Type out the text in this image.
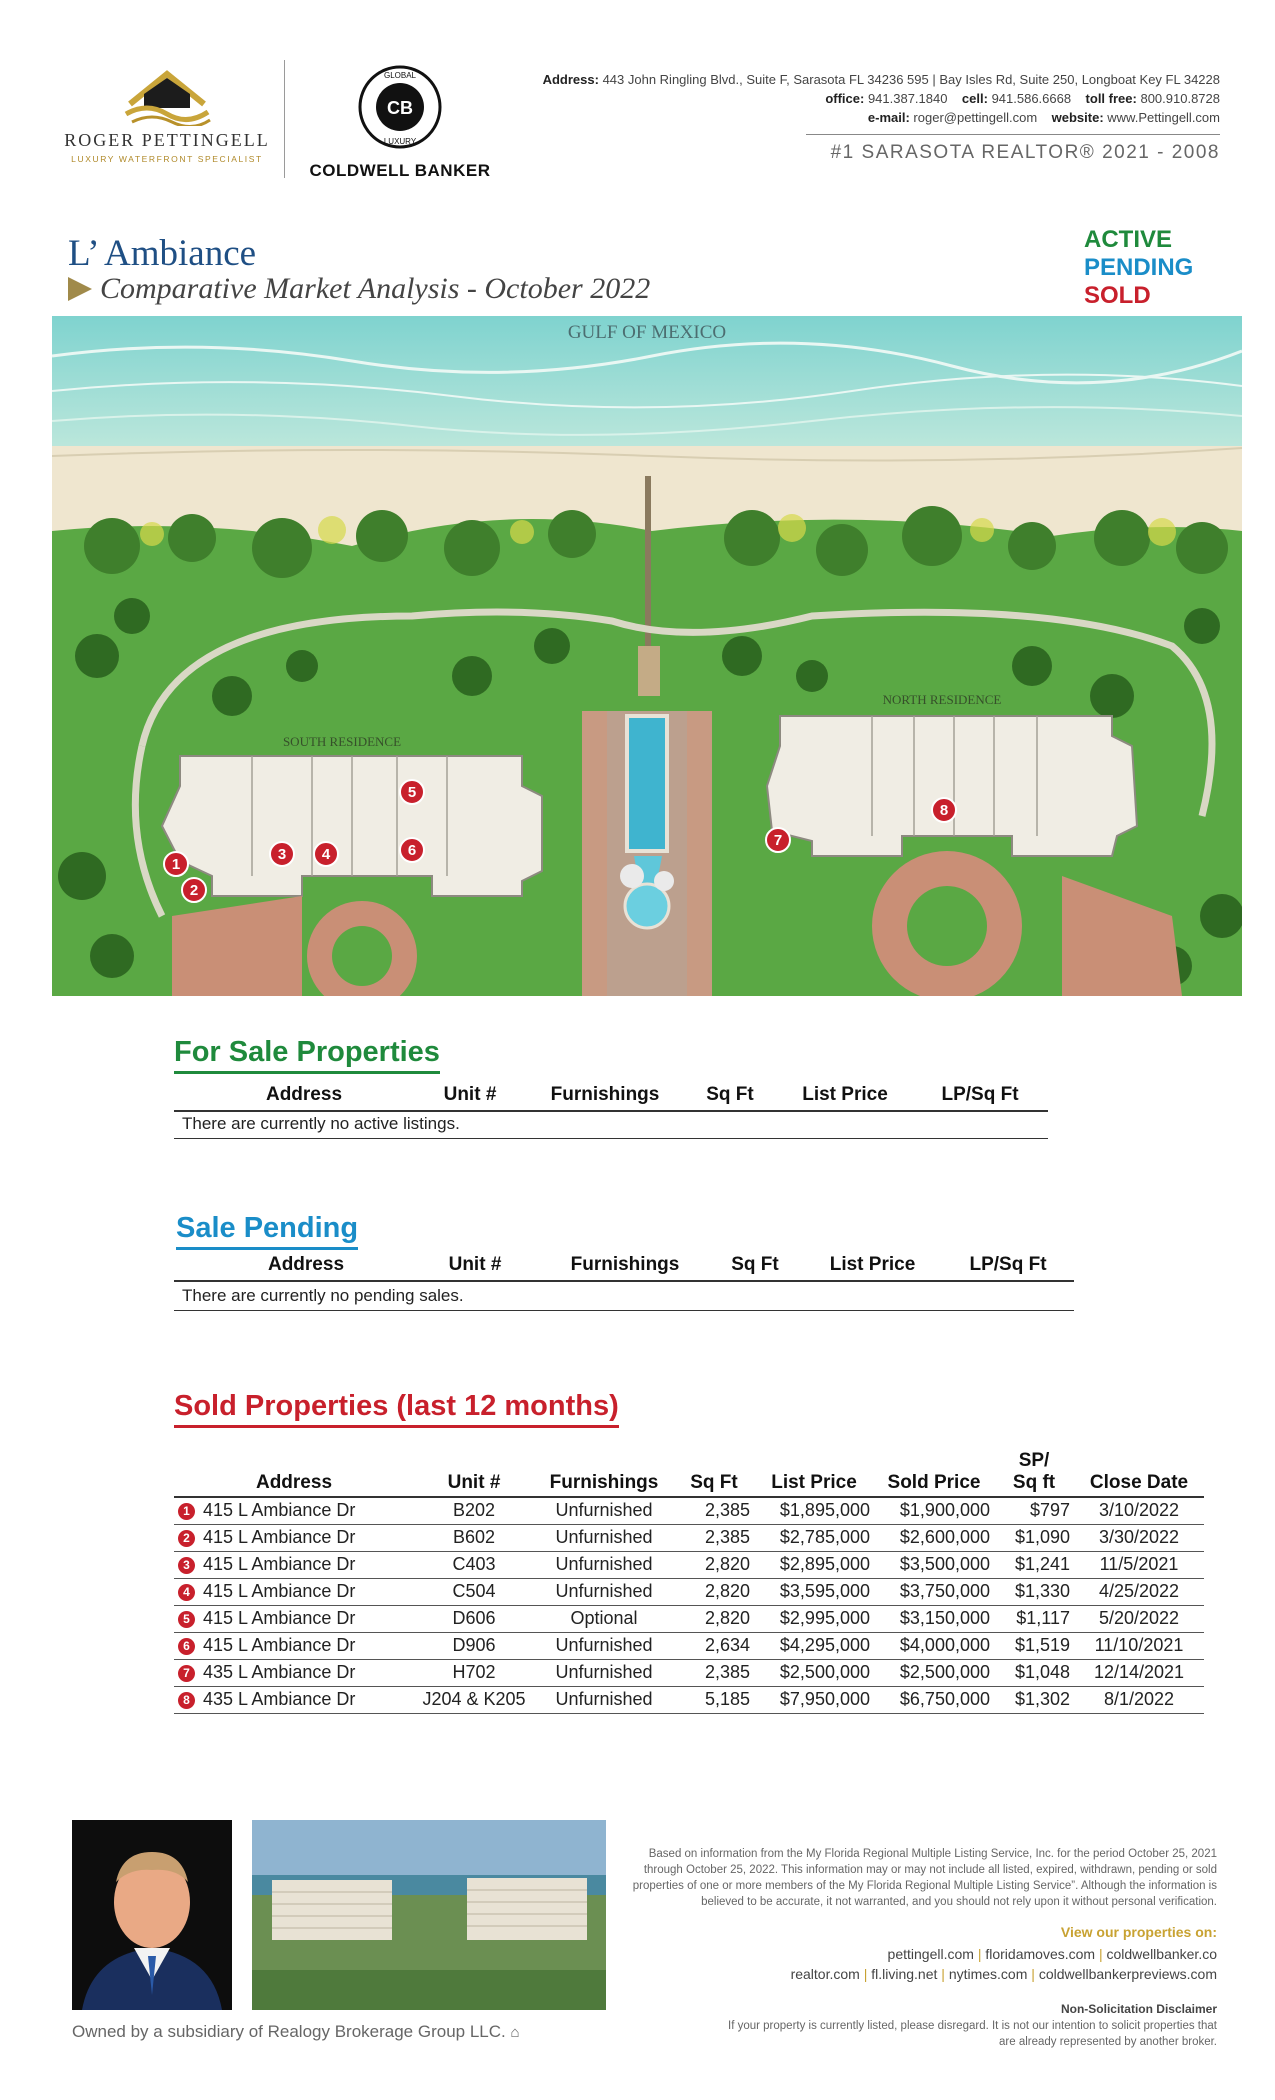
ROGER PETTINGELL
LUXURY WATERFRONT SPECIALIST
GLOBAL
LUXURY
CB
COLDWELL BANKER
Address: 443 John Ringling Blvd., Suite F, Sarasota FL 34236 595 | Bay Isles Rd, Suite 250, Longboat Key FL 34228
office: 941.387.1840 cell: 941.586.6668 toll free: 800.910.8728
e-mail: roger@pettingell.com website: www.Pettingell.com
#1 SARASOTA REALTOR® 2021 - 2008
L’ Ambiance
Comparative Market Analysis - October 2022
ACTIVE
PENDING
SOLD
GULF OF MEXICO
SOUTH RESIDENCE
NORTH RESIDENCE
1
2
3 4
5
6
7
8
For Sale Properties
Address	Unit #	Furnishings	Sq Ft	List Price	LP/Sq Ft
There are currently no active listings.
Sale Pending
Address	Unit #	Furnishings	Sq Ft	List Price	LP/Sq Ft
There are currently no pending sales.
Sold Properties (last 12 months)
Address	Unit #	Furnishings	Sq Ft	List Price	Sold Price	SP/
Sq ft	Close Date
1 415 L Ambiance Dr	B202	Unfurnished	2,385	$1,895,000	$1,900,000	$797	3/10/2022
2 415 L Ambiance Dr	B602	Unfurnished	2,385	$2,785,000	$2,600,000	$1,090	3/30/2022
3 415 L Ambiance Dr	C403	Unfurnished	2,820	$2,895,000	$3,500,000	$1,241	11/5/2021
4 415 L Ambiance Dr	C504	Unfurnished	2,820	$3,595,000	$3,750,000	$1,330	4/25/2022
5 415 L Ambiance Dr	D606	Optional	2,820	$2,995,000	$3,150,000	$1,117	5/20/2022
6 415 L Ambiance Dr	D906	Unfurnished	2,634	$4,295,000	$4,000,000	$1,519	11/10/2021
7 435 L Ambiance Dr	H702	Unfurnished	2,385	$2,500,000	$2,500,000	$1,048	12/14/2021
8 435 L Ambiance Dr	J204 & K205	Unfurnished	5,185	$7,950,000	$6,750,000	$1,302	8/1/2022
Owned by a subsidiary of Realogy Brokerage Group LLC. ⌂
Based on information from the My Florida Regional Multiple Listing Service, Inc. for the period October 25, 2021 through October 25, 2022. This information may or may not include all listed, expired, withdrawn, pending or sold properties of one or more members of the My Florida Regional Multiple Listing Service”. Although the information is believed to be accurate, it not warranted, and you should not rely upon it without personal verification.
View our properties on:
pettingell.com | floridamoves.com | coldwellbanker.co
realtor.com | fl.living.net | nytimes.com | coldwellbankerpreviews.com
Non-Solicitation Disclaimer
If your property is currently listed, please disregard. It is not our intention to solicit properties that are already represented by another broker.
